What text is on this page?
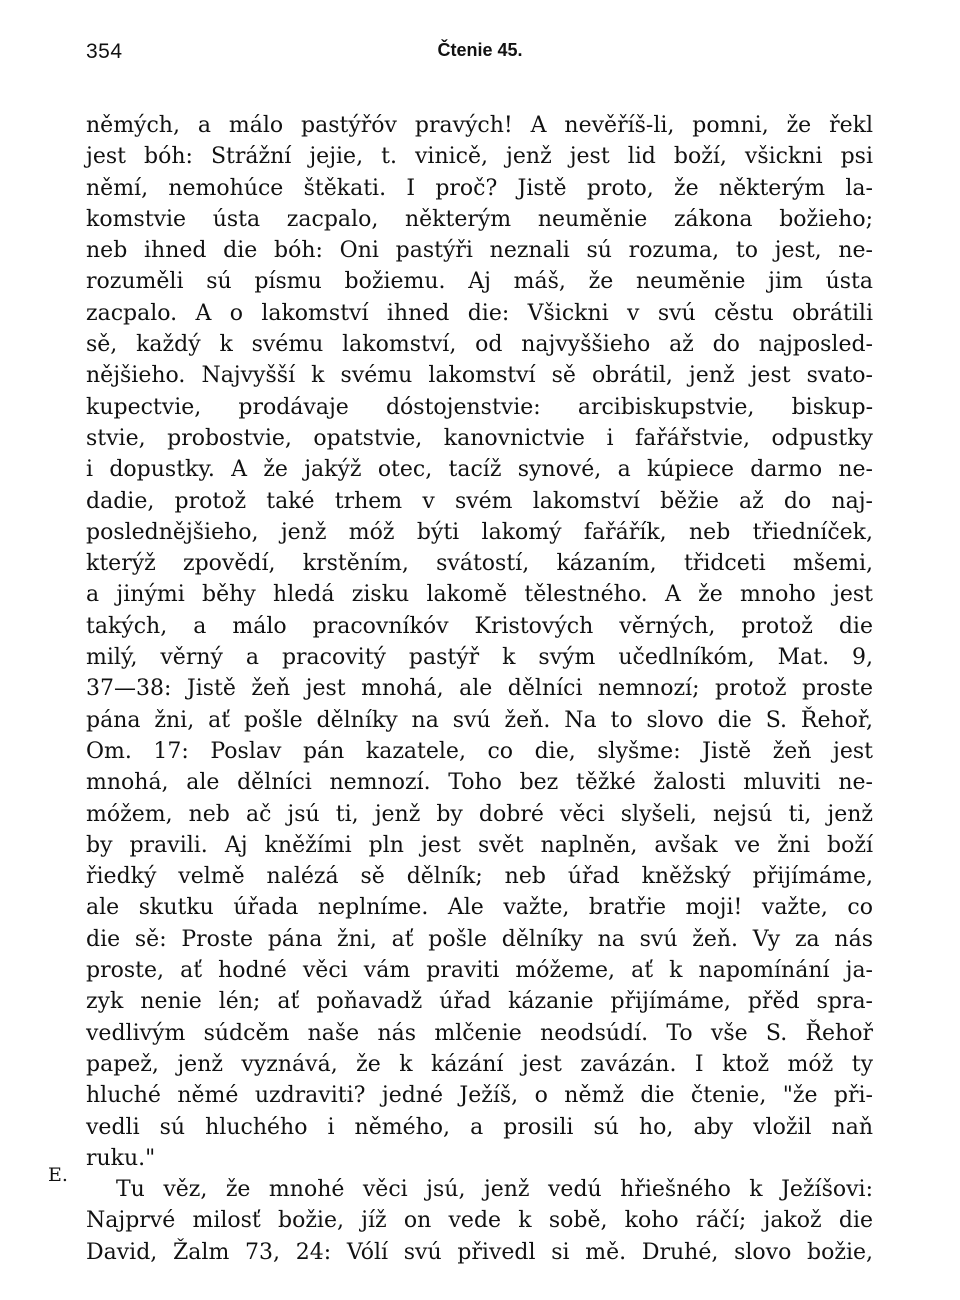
354	Čtenie 45.
E.
němých, a málo pastýřóv pravých! A nevěříš-li, pomni, že řekl
jest bóh: Strážní jejie, t. vinicě, jenž jest lid boží, všickni psi
němí, nemohúce štěkati. I proč? Jistě proto, že některým la-
komstvie ústa zacpalo, některým neuměnie zákona božieho;
neb ihned die bóh: Oni pastýři neznali sú rozuma, to jest, ne-
rozuměli sú písmu božiemu. Aj máš, že neuměnie jim ústa
zacpalo. A o lakomství ihned die: Všickni v svú cěstu obrátili
sě, každý k svému lakomství, od najvyššieho až do najposled-
nějšieho. Najvyšší k svému lakomství sě obrátil, jenž jest svato-
kupectvie, prodávaje dóstojenstvie: arcibiskupstvie, biskup-
stvie, probostvie, opatstvie, kanovnictvie i fařářstvie, odpustky
i dopustky. A že jakýž otec, tacíž synové, a kúpiece darmo ne-
dadie, protož také trhem v svém lakomství běžie až do naj-
poslednějšieho, jenž móž býti lakomý fařářík, neb třiedníček,
kterýž zpovědí, krstěním, svátostí, kázaním, třidceti mšemi,
a jinými běhy hledá zisku lakomě tělestného. A že mnoho jest
takých, a málo pracovníkóv Kristových věrných, protož die
milý, věrný a pracovitý pastýř k svým učedlníkóm, Mat. 9,
37—38: Jistě žeň jest mnohá, ale dělníci nemnozí; protož proste
pána žni, ať pošle dělníky na svú žeň. Na to slovo die S. Řehoř,
Om. 17: Poslav pán kazatele, co die, slyšme: Jistě žeň jest
mnohá, ale dělníci nemnozí. Toho bez těžké žalosti mluviti ne-
móžem, neb ač jsú ti, jenž by dobré věci slyšeli, nejsú ti, jenž
by pravili. Aj kněžími pln jest svět naplněn, avšak ve žni boží
řiedký velmě nalézá sě dělník; neb úřad kněžský přijímáme,
ale skutku úřada neplníme. Ale važte, bratřie moji! važte, co
die sě: Proste pána žni, ať pošle dělníky na svú žeň. Vy za nás
proste, ať hodné věci vám praviti móžeme, ať k napomínání ja-
zyk nenie lén; ať poňavadž úřad kázanie přijímáme, přěd spra-
vedlivým súdcěm naše nás mlčenie neodsúdí. To vše S. Řehoř
papež, jenž vyznává, že k kázání jest zavázán. I ktož móž ty
hluché němé uzdraviti? jedné Ježíš, o němž die čtenie, "že při-
vedli sú hluchého i němého, a prosili sú ho, aby vložil naň
ruku."
Tu věz, že mnohé věci jsú, jenž vedú hřiešného k Ježíšovi:
Najprvé milosť božie, jíž on vede k sobě, koho ráčí; jakož die
David, Žalm 73, 24: Vólí svú přivedl si mě. Druhé, slovo božie,
